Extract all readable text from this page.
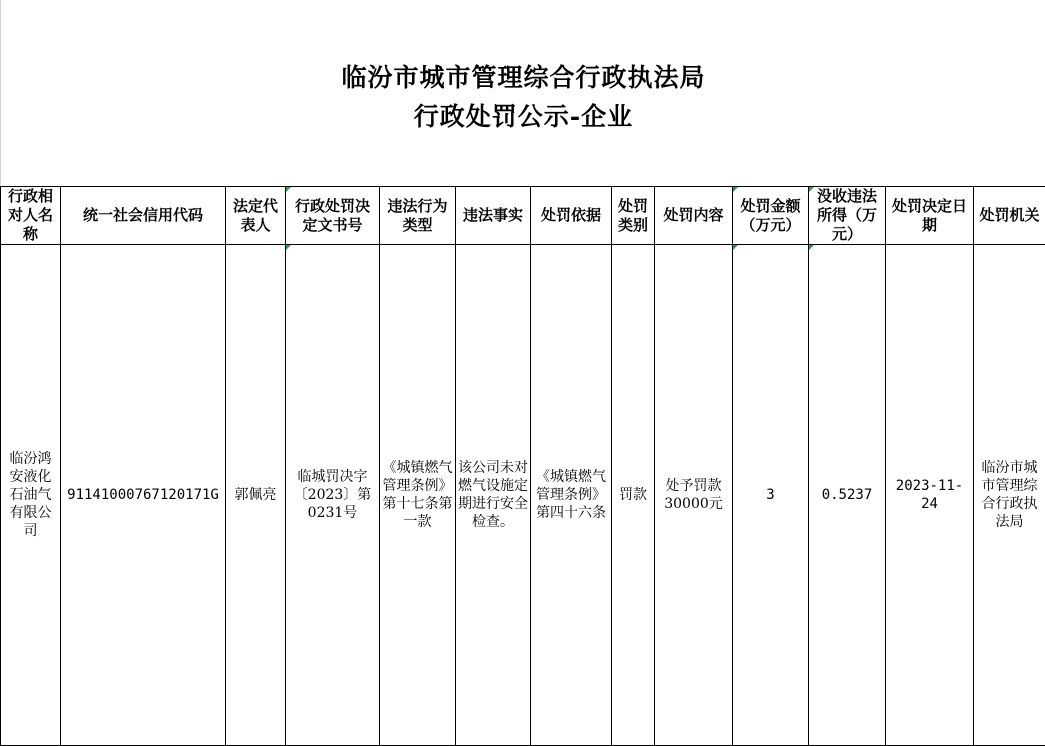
临汾市城市管理综合行政执法局
行政处罚公示-企业
行政相对人名称	统一社会信用代码	法定代表人	行政处罚决定文书号	违法行为类型	违法事实	处罚依据	处罚类别	处罚内容	处罚金额（万元）	没收违法所得（万元）	处罚决定日期	处罚机关
临汾鸿安液化石油气有限公司	91141000767120171G	郭佩亮	临城罚决字〔2023〕第0231号	《城镇燃气管理条例》第十七条第一款	该公司未对燃气设施定期进行安全检查。	《城镇燃气管理条例》第四十六条	罚款	处予罚款30000元	3	0.5237	2023-11-24	临汾市城市管理综合行政执法局
